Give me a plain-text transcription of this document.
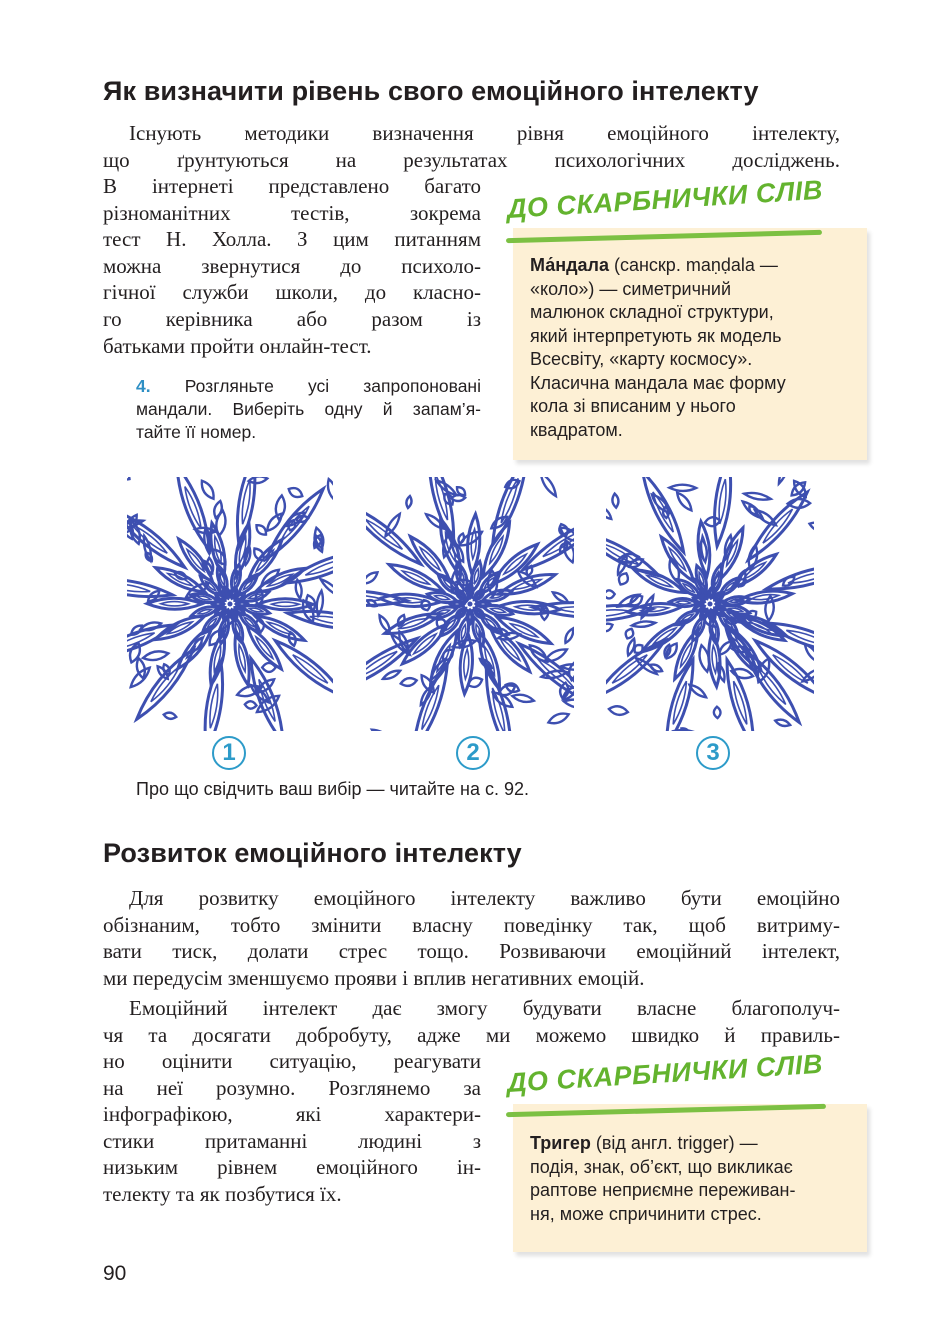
Як визначити рівень свого емоційного інтелекту
Існують методики визначення рівня емоційного інтелекту,
що ґрунтуються на результатах психологічних досліджень.
В інтернеті представлено багато
різноманітних тестів, зокрема
тест Н. Холла. З цим питанням
можна звернутися до психоло-
гічної служби школи, до класно-
го керівника або разом із
батьками пройти онлайн-тест.
4. Розгляньте усі запропоновані
мандали. Виберіть одну й запам’я-
тайте її номер.
ДО СКАРБНИЧКИ СЛІВ
Ма́ндала (санскр. maṇḍala —
«коло») — симетричний
малюнок складної структури,
який інтерпретують як модель
Всесвіту, «карту космосу».
Класична мандала має форму
кола зі вписаним у нього
квадратом.
1	2	3
Про що свідчить ваш вибір — читайте на с. 92.
Розвиток емоційного інтелекту
Для розвитку емоційного інтелекту важливо бути емоційно
обізнаним, тобто змінити власну поведінку так, щоб витриму-
вати тиск, долати стрес тощо. Розвиваючи емоційний інтелект,
ми передусім зменшуємо прояви і вплив негативних емоцій.
Емоційний інтелект дає змогу будувати власне благополуч-
чя та досягати добробуту, адже ми можемо швидко й правиль-
но оцінити ситуацію, реагувати
на неї розумно. Розглянемо за
інфографікою, які характери-
стики притаманні людині з
низьким рівнем емоційного ін-
телекту та як позбутися їх.
ДО СКАРБНИЧКИ СЛІВ
Тригер (від англ. trigger) —
подія, знак, об’єкт, що викликає
раптове неприємне переживан-
ня, може спричинити стрес.
90
